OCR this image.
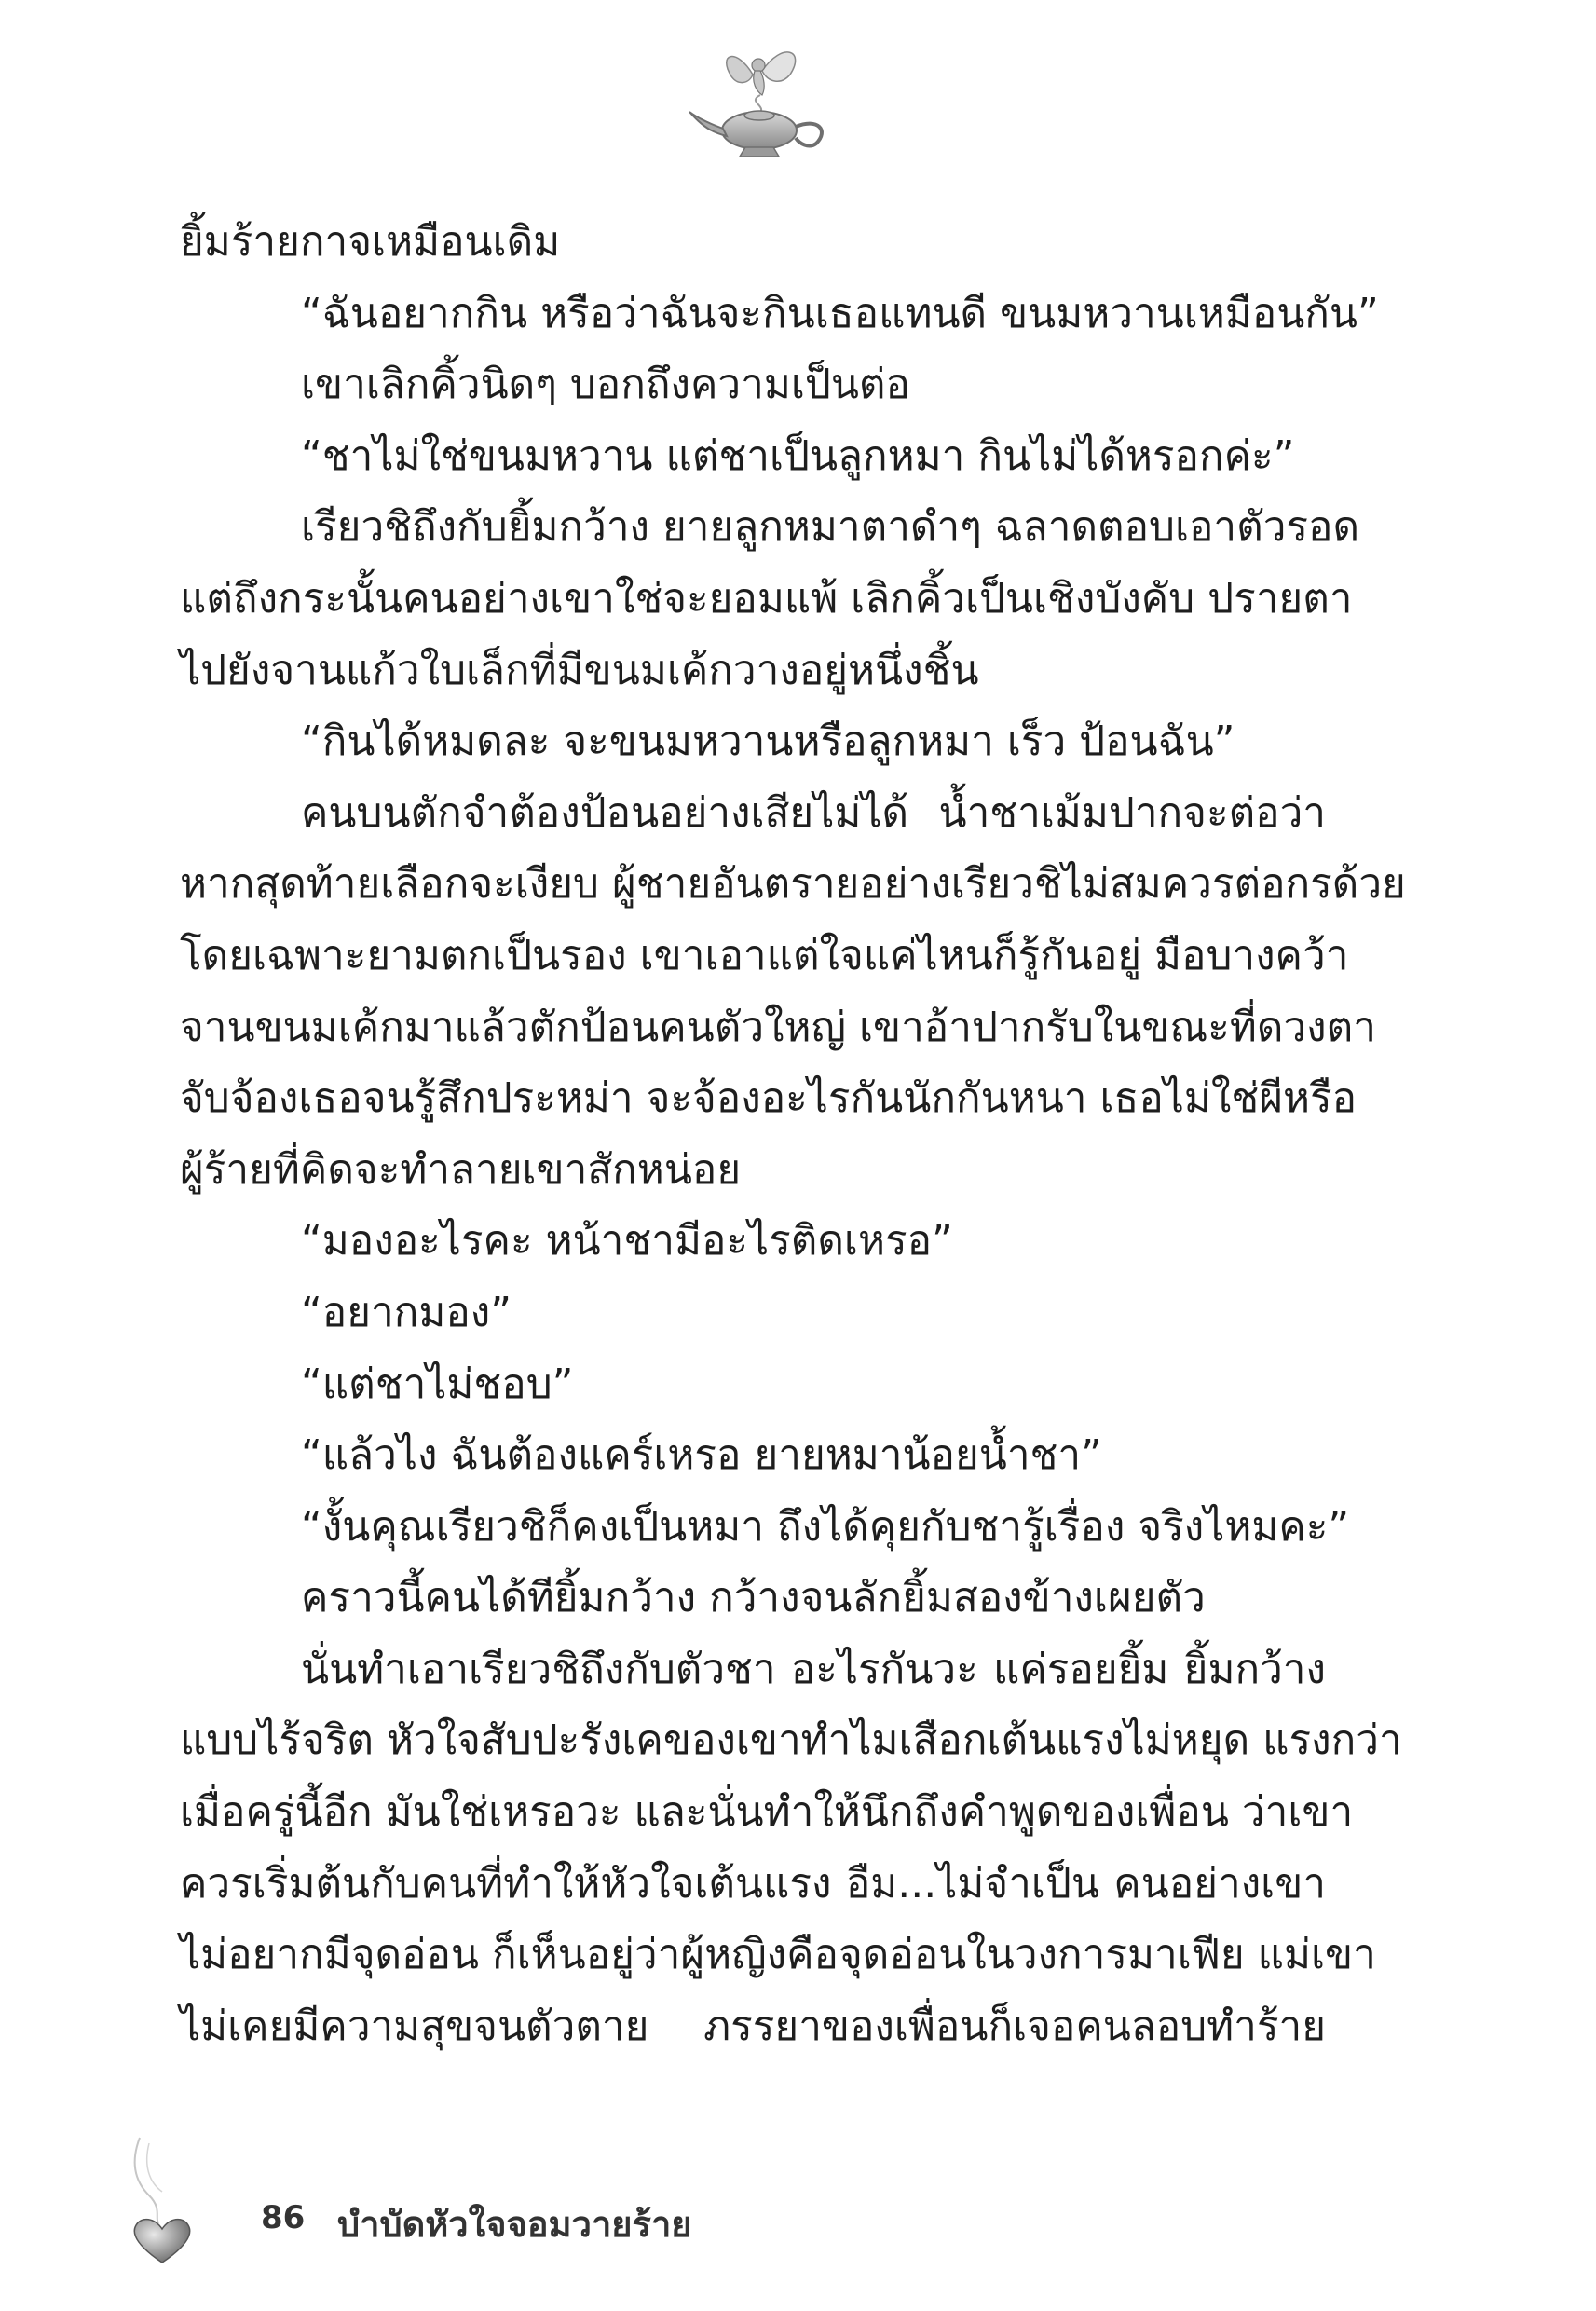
ยิ้มร้ายกาจเหมือนเดิม
“ฉันอยากกิน หรือว่าฉันจะกินเธอแทนดี ขนมหวานเหมือนกัน”
เขาเลิกคิ้วนิดๆ บอกถึงความเป็นต่อ
“ชาไม่ใช่ขนมหวาน แต่ชาเป็นลูกหมา กินไม่ได้หรอกค่ะ”
เรียวชิถึงกับยิ้มกว้าง ยายลูกหมาตาดำๆ ฉลาดตอบเอาตัวรอด
แต่ถึงกระนั้นคนอย่างเขาใช่จะยอมแพ้ เลิกคิ้วเป็นเชิงบังคับ ปรายตา
ไปยังจานแก้วใบเล็กที่มีขนมเค้กวางอยู่หนึ่งชิ้น
“กินได้หมดละ จะขนมหวานหรือลูกหมา เร็ว ป้อนฉัน”
คนบนตักจำต้องป้อนอย่างเสียไม่ได้ น้ำชาเม้มปากจะต่อว่า
หากสุดท้ายเลือกจะเงียบ ผู้ชายอันตรายอย่างเรียวชิไม่สมควรต่อกรด้วย
โดยเฉพาะยามตกเป็นรอง เขาเอาแต่ใจแค่ไหนก็รู้กันอยู่ มือบางคว้า
จานขนมเค้กมาแล้วตักป้อนคนตัวใหญ่ เขาอ้าปากรับในขณะที่ดวงตา
จับจ้องเธอจนรู้สึกประหม่า จะจ้องอะไรกันนักกันหนา เธอไม่ใช่ผีหรือ
ผู้ร้ายที่คิดจะทำลายเขาสักหน่อย
“มองอะไรคะ หน้าชามีอะไรติดเหรอ”
“อยากมอง”
“แต่ชาไม่ชอบ”
“แล้วไง ฉันต้องแคร์เหรอ ยายหมาน้อยน้ำชา”
“งั้นคุณเรียวชิก็คงเป็นหมา ถึงได้คุยกับชารู้เรื่อง จริงไหมคะ”
คราวนี้คนได้ทียิ้มกว้าง กว้างจนลักยิ้มสองข้างเผยตัว
นั่นทำเอาเรียวชิถึงกับตัวชา อะไรกันวะ แค่รอยยิ้ม ยิ้มกว้าง
แบบไร้จริต หัวใจสับปะรังเคของเขาทำไมเสือกเต้นแรงไม่หยุด แรงกว่า
เมื่อครู่นี้อีก มันใช่เหรอวะ และนั่นทำให้นึกถึงคำพูดของเพื่อน ว่าเขา
ควรเริ่มต้นกับคนที่ทำให้หัวใจเต้นแรง อืม...ไม่จำเป็น คนอย่างเขา
ไม่อยากมีจุดอ่อน ก็เห็นอยู่ว่าผู้หญิงคือจุดอ่อนในวงการมาเฟีย แม่เขา
ไม่เคยมีความสุขจนตัวตาย ภรรยาของเพื่อนก็เจอคนลอบทำร้าย
86 บำบัดหัวใจจอมวายร้าย
